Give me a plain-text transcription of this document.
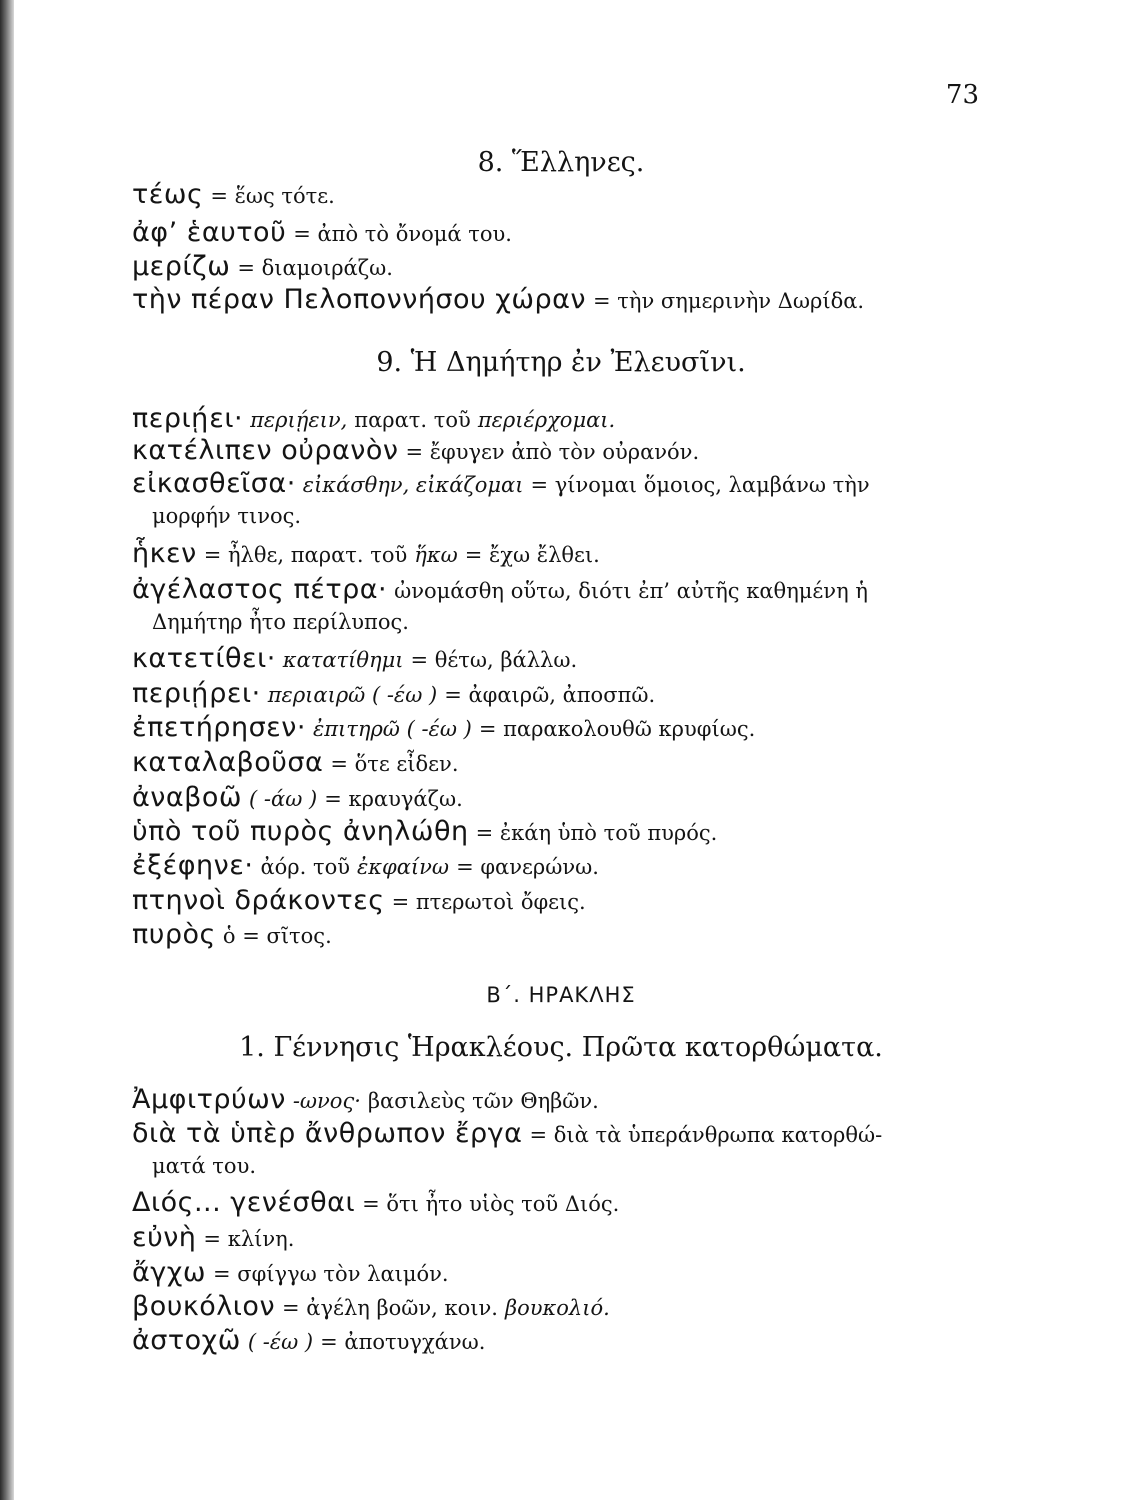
73
8. Ἕλληνες.
τέως = ἕως τότε.
ἀφ’ ἑαυτοῦ = ἀπὸ τὸ ὄνομά του.
μερίζω = διαμοιράζω.
τὴν πέραν Πελοποννήσου χώραν = τὴν σημερινὴν Δωρίδα.
9. Ἡ Δημήτηρ ἐν Ἐλευσῖνι.
περιῄει· περιῄειν, παρατ. τοῦ περιέρχομαι.
κατέλιπεν οὐρανὸν = ἔφυγεν ἀπὸ τὸν οὐρανόν.
εἰκασθεῖσα· εἰκάσθην, εἰκάζομαι = γίνομαι ὅμοιος, λαμβάνω τὴν
μορφήν τινος.
ἧκεν = ἦλθε, παρατ. τοῦ ἥκω = ἔχω ἔλθει.
ἀγέλαστος πέτρα· ὠνομάσθη οὕτω, διότι ἐπ’ αὐτῆς καθημένη ἡ
Δημήτηρ ἦτο περίλυπος.
κατετίθει· κατατίθημι = θέτω, βάλλω.
περιῄρει· περιαιρῶ ( -έω ) = ἀφαιρῶ, ἀποσπῶ.
ἐπετήρησεν· ἐπιτηρῶ ( -έω ) = παρακολουθῶ κρυφίως.
καταλαβοῦσα = ὅτε εἶδεν.
ἀναβοῶ ( -άω ) = κραυγάζω.
ὑπὸ τοῦ πυρὸς ἀνηλώθη = ἐκάη ὑπὸ τοῦ πυρός.
ἐξέφηνε· ἀόρ. τοῦ ἐκφαίνω = φανερώνω.
πτηνοὶ δράκοντες = πτερωτοὶ ὄφεις.
πυρὸς ὁ = σῖτος.
Β΄. ΗΡΑΚΛΗΣ
1. Γέννησις Ἡρακλέους. Πρῶτα κατορθώματα.
Ἀμφιτρύων -ωνος· βασιλεὺς τῶν Θηβῶν.
διὰ τὰ ὑπὲρ ἄνθρωπον ἔργα = διὰ τὰ ὑπεράνθρωπα κατορθώ-
ματά του.
Διός... γενέσθαι = ὅτι ἦτο υἱὸς τοῦ Διός.
εὐνὴ = κλίνη.
ἄγχω = σφίγγω τὸν λαιμόν.
βουκόλιον = ἀγέλη βοῶν, κοιν. βουκολιό.
ἀστοχῶ ( -έω ) = ἀποτυγχάνω.
